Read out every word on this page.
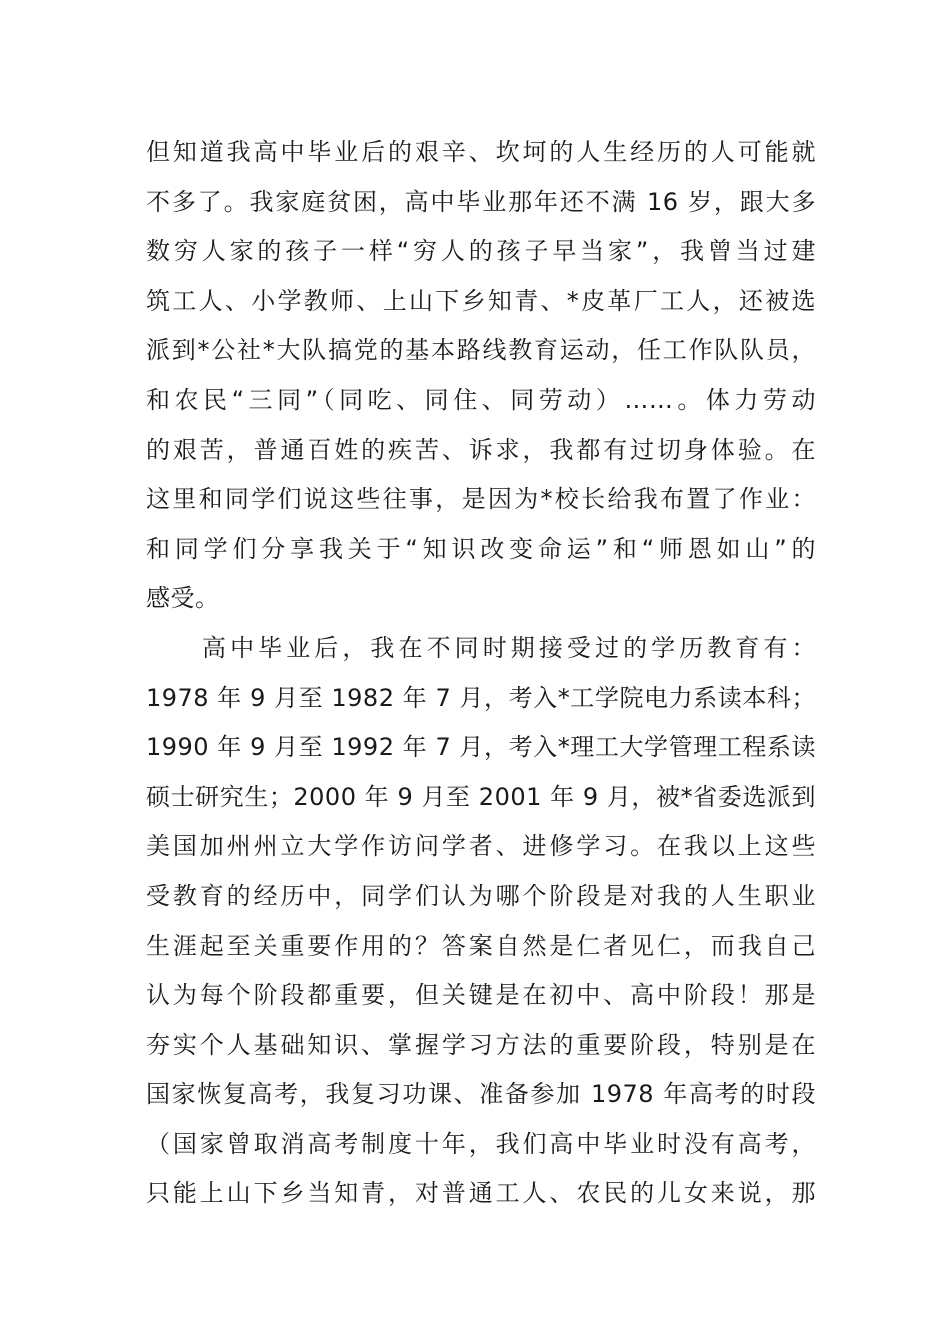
但知道我高中毕业后的艰辛、坎坷的人生经历的人可能就
不多了。我家庭贫困，高中毕业那年还不满 16 岁，跟大多
数穷人家的孩子一样“穷人的孩子早当家”，我曾当过建
筑工人、小学教师、上山下乡知青、*皮革厂工人，还被选
派到*公社*大队搞党的基本路线教育运动，任工作队队员，
和农民“三同”（同吃、同住、同劳动）……。体力劳动
的艰苦，普通百姓的疾苦、诉求，我都有过切身体验。在
这里和同学们说这些往事，是因为*校长给我布置了作业：
和同学们分享我关于“知识改变命运”和“师恩如山”的
感受。
高中毕业后，我在不同时期接受过的学历教育有：
1978 年 9 月至 1982 年 7 月，考入*工学院电力系读本科；
1990 年 9 月至 1992 年 7 月，考入*理工大学管理工程系读
硕士研究生；2000 年 9 月至 2001 年 9 月，被*省委选派到
美国加州州立大学作访问学者、进修学习。在我以上这些
受教育的经历中，同学们认为哪个阶段是对我的人生职业
生涯起至关重要作用的？答案自然是仁者见仁，而我自己
认为每个阶段都重要，但关键是在初中、高中阶段！那是
夯实个人基础知识、掌握学习方法的重要阶段，特别是在
国家恢复高考，我复习功课、准备参加 1978 年高考的时段
（国家曾取消高考制度十年，我们高中毕业时没有高考，
只能上山下乡当知青，对普通工人、农民的儿女来说，那
